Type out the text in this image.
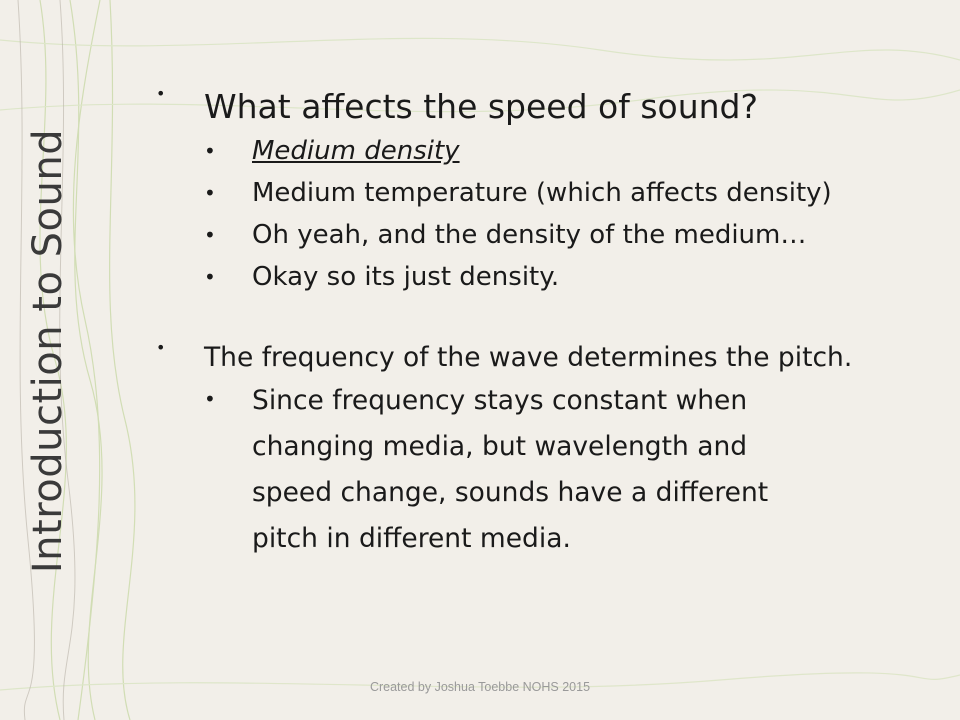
Introduction to Sound
• What affects the speed of sound?
• Medium density
• Medium temperature (which affects density)
• Oh yeah, and the density of the medium…
• Okay so its just density.
• The frequency of the wave determines the pitch.
• Since frequency stays constant when changing media, but wavelength and speed change, sounds have a different pitch in different media.
Created by Joshua Toebbe NOHS 2015
